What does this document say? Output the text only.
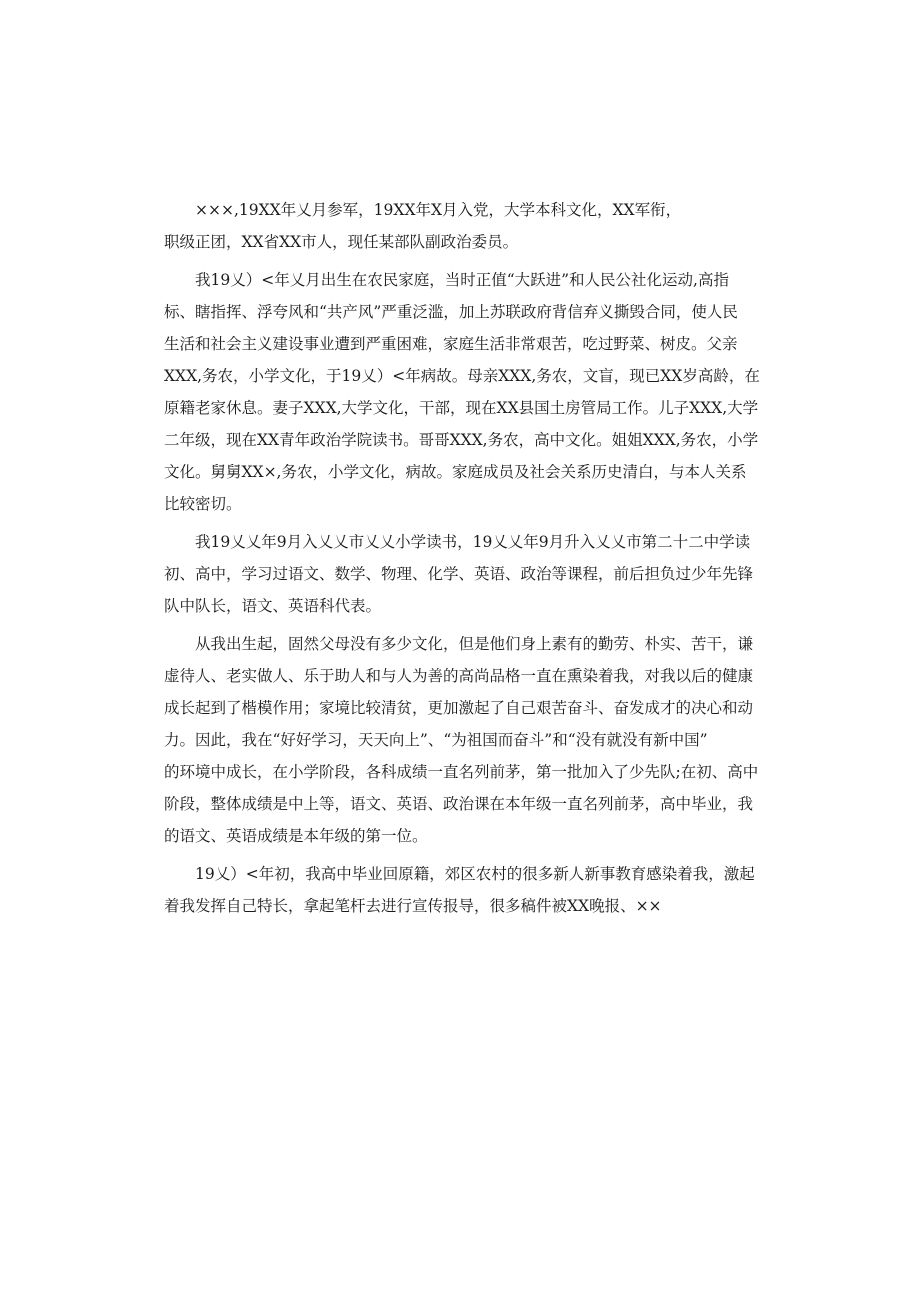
×××,19XX年乂月参军，19XX年X月入党，大学本科文化，XX军衔，
职级正团，XX省XX市人，现任某部队副政治委员。

我19乂）<年乂月出生在农民家庭，当时正值“大跃进”和人民公社化运动,高指
标、瞎指挥、浮夸风和“共产风”严重泛滥，加上苏联政府背信弃义撕毁合同，使人民
生活和社会主义建设事业遭到严重困难，家庭生活非常艰苦，吃过野菜、树皮。父亲
XXX,务农，小学文化，于19乂）<年病故。母亲XXX,务农，文盲，现已XX岁高龄，在
原籍老家休息。妻子XXX,大学文化，干部，现在XX县国土房管局工作。儿子XXX,大学
二年级，现在XX青年政治学院读书。哥哥XXX,务农，高中文化。姐姐XXX,务农，小学
文化。舅舅XX×,务农，小学文化，病故。家庭成员及社会关系历史清白，与本人关系
比较密切。

我19乂乂年9月入乂乂市乂乂小学读书，19乂乂年9月升入乂乂市第二十二中学读
初、高中，学习过语文、数学、物理、化学、英语、政治等课程，前后担负过少年先锋
队中队长，语文、英语科代表。

从我出生起，固然父母没有多少文化，但是他们身上素有的勤劳、朴实、苦干，谦
虚待人、老实做人、乐于助人和与人为善的高尚品格一直在熏染着我，对我以后的健康
成长起到了楷模作用；家境比较清贫，更加激起了自己艰苦奋斗、奋发成才的决心和动
力。因此，我在“好好学习，天天向上”、“为祖国而奋斗”和“没有就没有新中国”
的环境中成长，在小学阶段，各科成绩一直名列前茅，第一批加入了少先队;在初、高中
阶段，整体成绩是中上等，语文、英语、政治课在本年级一直名列前茅，高中毕业，我
的语文、英语成绩是本年级的第一位。

19乂）<年初，我高中毕业回原籍，郊区农村的很多新人新事教育感染着我，激起
着我发挥自己特长，拿起笔杆去进行宣传报导，很多稿件被XX晚报、××
